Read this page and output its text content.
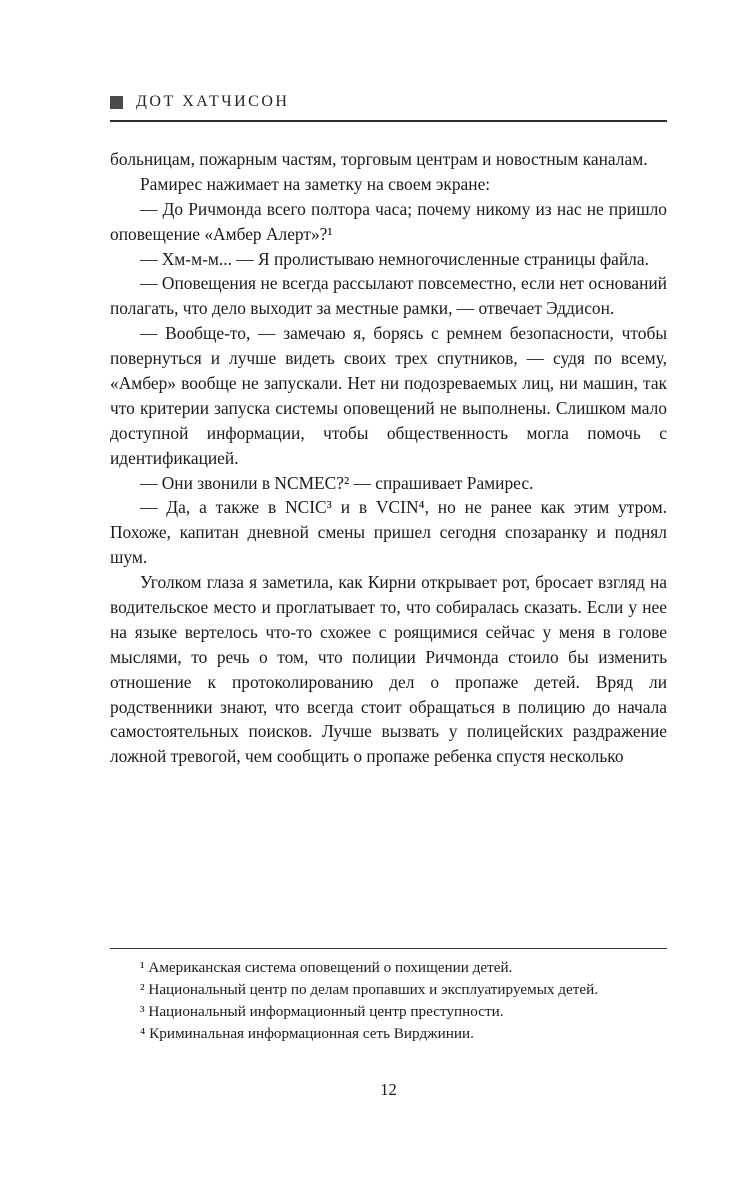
ДОТ ХАТЧИСОН

больницам, пожарным частям, торговым центрам и новостным каналам.

Рамирес нажимает на заметку на своем экране:

— До Ричмонда всего полтора часа; почему никому из нас не пришло оповещение «Амбер Алерт»?¹

— Хм-м-м... — Я пролистываю немногочисленные страницы файла.

— Оповещения не всегда рассылают повсеместно, если нет оснований полагать, что дело выходит за местные рамки, — отвечает Эддисон.

— Вообще-то, — замечаю я, борясь с ремнем безопасности, чтобы повернуться и лучше видеть своих трех спутников, — судя по всему, «Амбер» вообще не запускали. Нет ни подозреваемых лиц, ни машин, так что критерии запуска системы оповещений не выполнены. Слишком мало доступной информации, чтобы общественность могла помочь с идентификацией.

— Они звонили в NCMEC?² — спрашивает Рамирес.

— Да, а также в NCIC³ и в VCIN⁴, но не ранее как этим утром. Похоже, капитан дневной смены пришел сегодня спозаранку и поднял шум.

Уголком глаза я заметила, как Кирни открывает рот, бросает взгляд на водительское место и проглатывает то, что собиралась сказать. Если у нее на языке вертелось что-то схожее с роящимися сейчас у меня в голове мыслями, то речь о том, что полиции Ричмонда стоило бы изменить отношение к протоколированию дел о пропаже детей. Вряд ли родственники знают, что всегда стоит обращаться в полицию до начала самостоятельных поисков. Лучше вызвать у полицейских раздражение ложной тревогой, чем сообщить о пропаже ребенка спустя несколько

¹ Американская система оповещений о похищении детей.

² Национальный центр по делам пропавших и эксплуатируемых детей.

³ Национальный информационный центр преступности.

⁴ Криминальная информационная сеть Вирджинии.

12
